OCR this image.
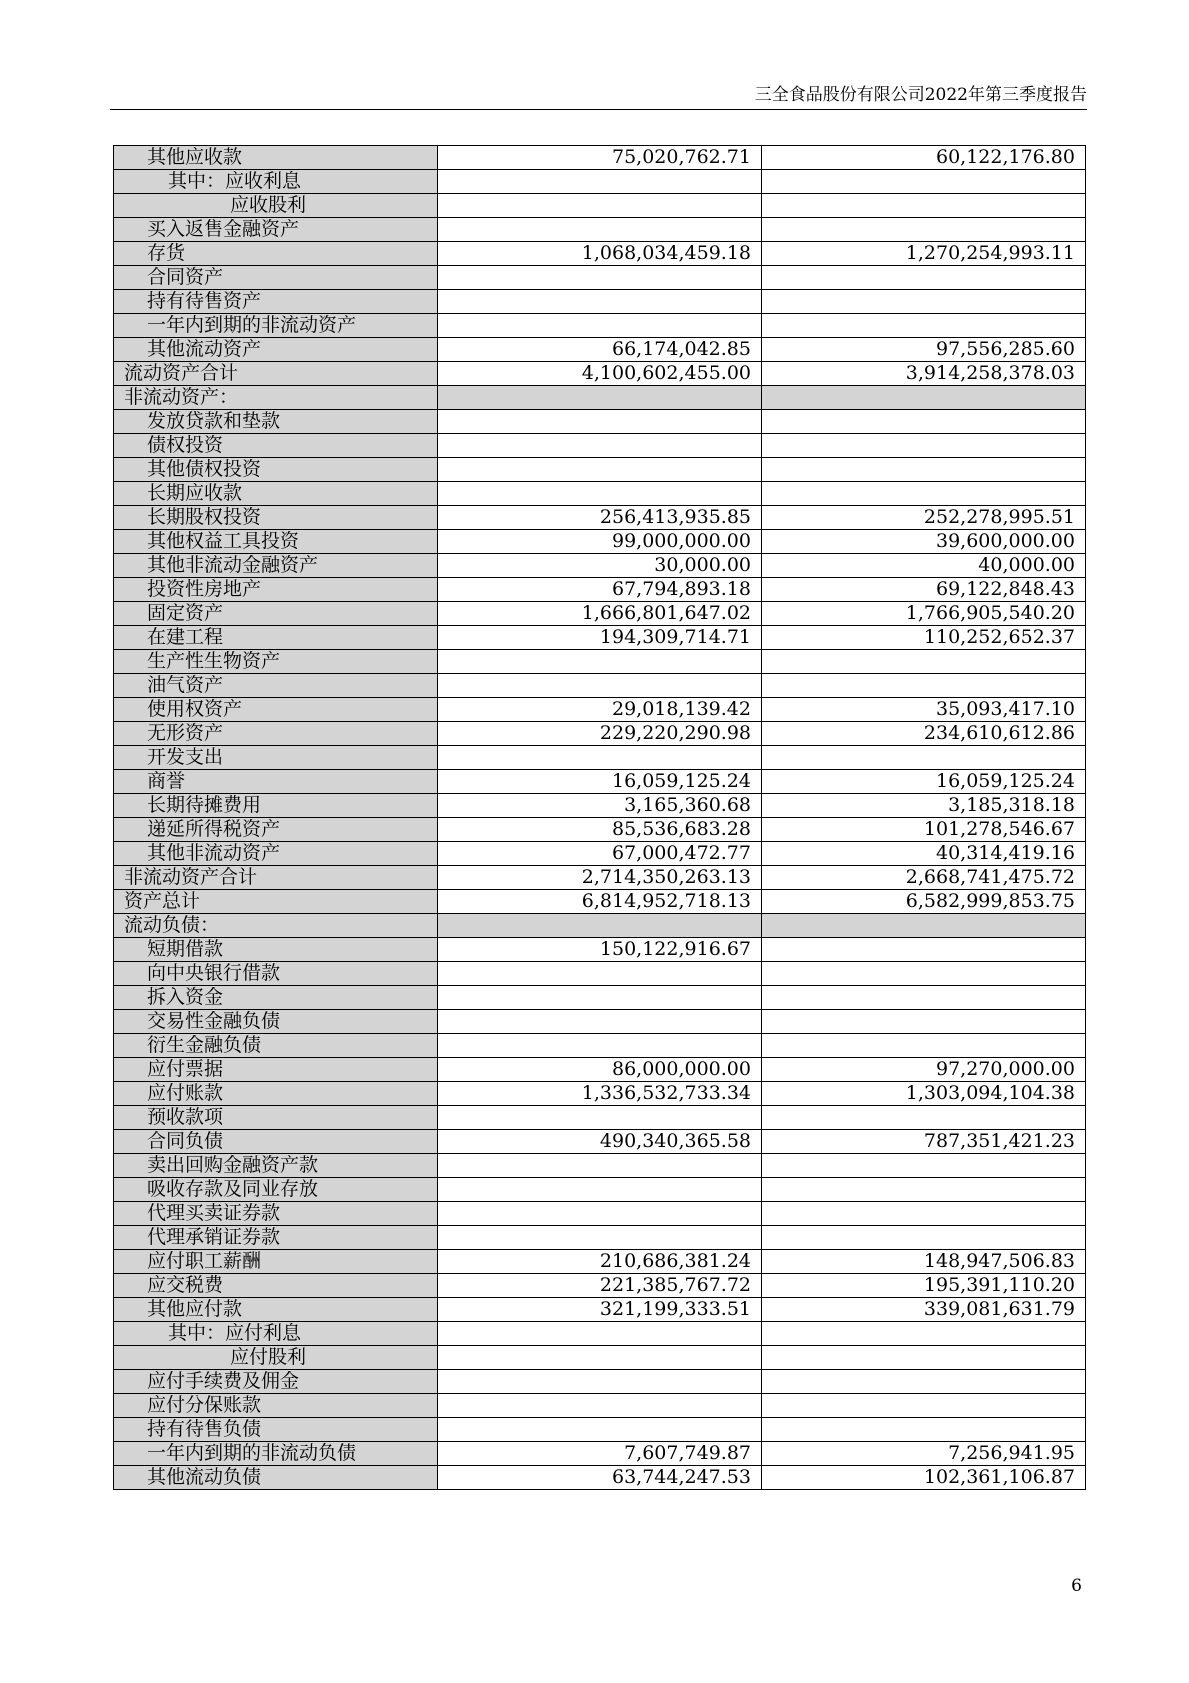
三全食品股份有限公司2022年第三季度报告
其他应收款	75,020,762.71	60,122,176.80
其中：应收利息		
应收股利		
买入返售金融资产		
存货	1,068,034,459.18	1,270,254,993.11
合同资产		
持有待售资产		
一年内到期的非流动资产		
其他流动资产	66,174,042.85	97,556,285.60
流动资产合计	4,100,602,455.00	3,914,258,378.03
非流动资产：		
发放贷款和垫款		
债权投资		
其他债权投资		
长期应收款		
长期股权投资	256,413,935.85	252,278,995.51
其他权益工具投资	99,000,000.00	39,600,000.00
其他非流动金融资产	30,000.00	40,000.00
投资性房地产	67,794,893.18	69,122,848.43
固定资产	1,666,801,647.02	1,766,905,540.20
在建工程	194,309,714.71	110,252,652.37
生产性生物资产		
油气资产		
使用权资产	29,018,139.42	35,093,417.10
无形资产	229,220,290.98	234,610,612.86
开发支出		
商誉	16,059,125.24	16,059,125.24
长期待摊费用	3,165,360.68	3,185,318.18
递延所得税资产	85,536,683.28	101,278,546.67
其他非流动资产	67,000,472.77	40,314,419.16
非流动资产合计	2,714,350,263.13	2,668,741,475.72
资产总计	6,814,952,718.13	6,582,999,853.75
流动负债：		
短期借款	150,122,916.67	
向中央银行借款		
拆入资金		
交易性金融负债		
衍生金融负债		
应付票据	86,000,000.00	97,270,000.00
应付账款	1,336,532,733.34	1,303,094,104.38
预收款项		
合同负债	490,340,365.58	787,351,421.23
卖出回购金融资产款		
吸收存款及同业存放		
代理买卖证券款		
代理承销证券款		
应付职工薪酬	210,686,381.24	148,947,506.83
应交税费	221,385,767.72	195,391,110.20
其他应付款	321,199,333.51	339,081,631.79
其中：应付利息		
应付股利		
应付手续费及佣金		
应付分保账款		
持有待售负债		
一年内到期的非流动负债	7,607,749.87	7,256,941.95
其他流动负债	63,744,247.53	102,361,106.87
6
